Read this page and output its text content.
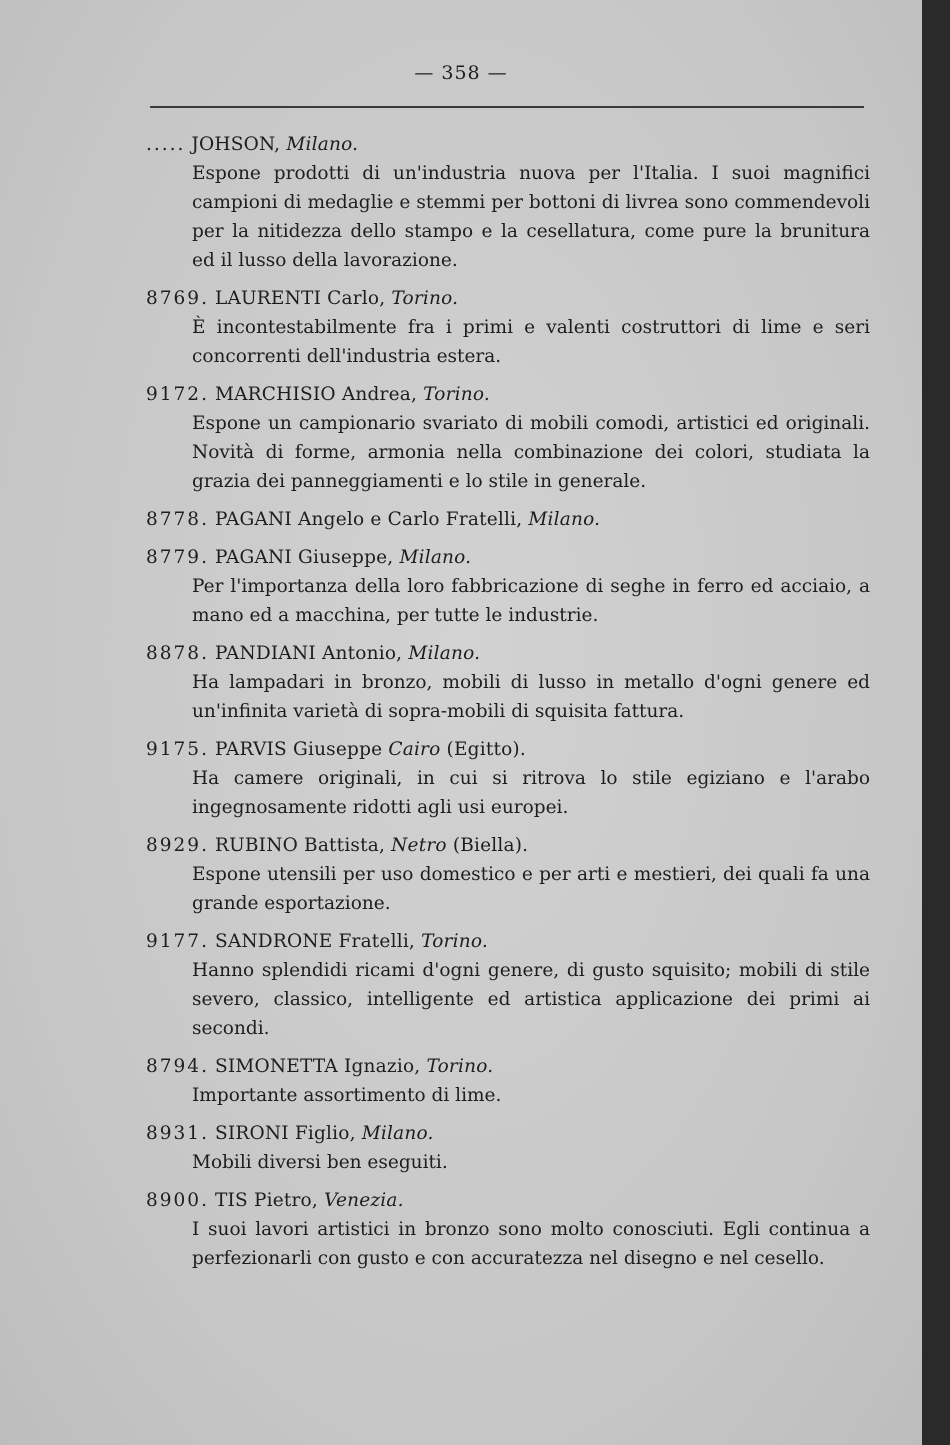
— 358 —
..... JOHSON, Milano.
Espone prodotti di un'industria nuova per l'Italia. I suoi magnifici campioni di medaglie e stemmi per bottoni di livrea sono commendevoli per la nitidezza dello stampo e la cesellatura, come pure la brunitura ed il lusso della lavorazione.
8769. LAURENTI Carlo, Torino.
È incontestabilmente fra i primi e valenti costruttori di lime e seri concorrenti dell'industria estera.
9172. MARCHISIO Andrea, Torino.
Espone un campionario svariato di mobili comodi, artistici ed originali. Novità di forme, armonia nella combinazione dei colori, studiata la grazia dei panneggiamenti e lo stile in generale.
8778. PAGANI Angelo e Carlo Fratelli, Milano.
8779. PAGANI Giuseppe, Milano.
Per l'importanza della loro fabbricazione di seghe in ferro ed acciaio, a mano ed a macchina, per tutte le industrie.
8878. PANDIANI Antonio, Milano.
Ha lampadari in bronzo, mobili di lusso in metallo d'ogni genere ed un'infinita varietà di sopra-mobili di squisita fattura.
9175. PARVIS Giuseppe Cairo (Egitto).
Ha camere originali, in cui si ritrova lo stile egiziano e l'arabo ingegnosamente ridotti agli usi europei.
8929. RUBINO Battista, Netro (Biella).
Espone utensili per uso domestico e per arti e mestieri, dei quali fa una grande esportazione.
9177. SANDRONE Fratelli, Torino.
Hanno splendidi ricami d'ogni genere, di gusto squisito; mobili di stile severo, classico, intelligente ed artistica applicazione dei primi ai secondi.
8794. SIMONETTA Ignazio, Torino.
Importante assortimento di lime.
8931. SIRONI Figlio, Milano.
Mobili diversi ben eseguiti.
8900. TIS Pietro, Venezia.
I suoi lavori artistici in bronzo sono molto conosciuti. Egli continua a perfezionarli con gusto e con accuratezza nel disegno e nel cesello.
